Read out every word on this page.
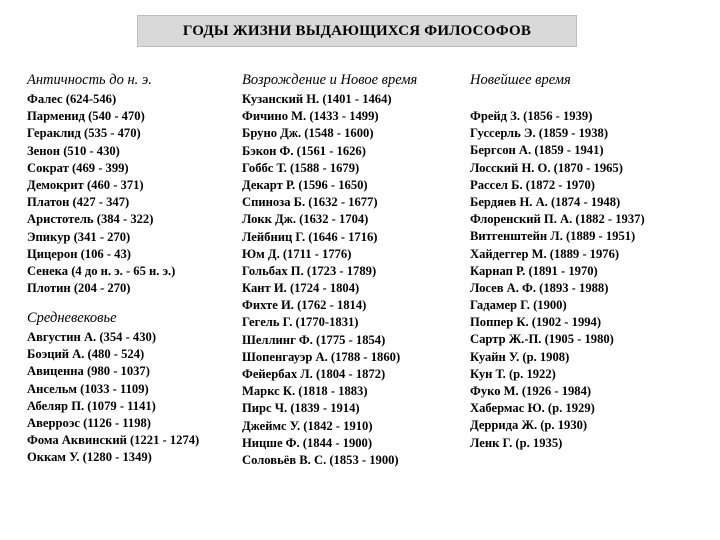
ГОДЫ ЖИЗНИ ВЫДАЮЩИХСЯ ФИЛОСОФОВ
Античность до н. э.
Фалес (624-546)
Парменид (540 - 470)
Гераклид (535 - 470)
Зенон (510 - 430)
Сократ (469 - 399)
Демокрит (460 - 371)
Платон (427 - 347)
Аристотель (384 - 322)
Эпикур (341 - 270)
Цицерон (106 - 43)
Сенека (4 до н. э. - 65 н. э.)
Плотин (204 - 270)
Средневековье
Августин А. (354 - 430)
Боэций А. (480 - 524)
Авиценна (980 - 1037)
Ансельм (1033 - 1109)
Абеляр П. (1079 - 1141)
Аверроэс (1126 - 1198)
Фома Аквинский (1221 - 1274)
Оккам У. (1280 - 1349)
Возрождение и Новое время
Кузанский Н. (1401 - 1464)
Фичино М. (1433 - 1499)
Бруно Дж. (1548 - 1600)
Бэкон Ф. (1561 - 1626)
Гоббс Т. (1588 - 1679)
Декарт Р. (1596 - 1650)
Спиноза Б. (1632 - 1677)
Локк Дж. (1632 - 1704)
Лейбниц Г. (1646 - 1716)
Юм Д. (1711 - 1776)
Гольбах П. (1723 - 1789)
Кант И. (1724 - 1804)
Фихте И. (1762 - 1814)
Гегель Г. (1770-1831)
Шеллинг Ф. (1775 - 1854)
Шопенгауэр А. (1788 - 1860)
Фейербах Л. (1804 - 1872)
Маркс К. (1818 - 1883)
Пирс Ч. (1839 - 1914)
Джеймс У. (1842 - 1910)
Ницше Ф. (1844 - 1900)
Соловьёв В. С. (1853 - 1900)
Новейшее время
Фрейд З. (1856 - 1939)
Гуссерль Э. (1859 - 1938)
Бергсон А. (1859 - 1941)
Лосский Н. О. (1870 - 1965)
Рассел Б. (1872 - 1970)
Бердяев Н. А. (1874 - 1948)
Флоренский П. А. (1882 - 1937)
Витгенштейн Л. (1889 - 1951)
Хайдеггер М. (1889 - 1976)
Карнап Р. (1891 - 1970)
Лосев А. Ф. (1893 - 1988)
Гадамер Г. (1900)
Поппер К. (1902 - 1994)
Сартр Ж.-П. (1905 - 1980)
Куайн У. (р. 1908)
Кун Т. (р. 1922)
Фуко М. (1926 - 1984)
Хабермас Ю. (р. 1929)
Деррида Ж. (р. 1930)
Ленк Г. (р. 1935)
